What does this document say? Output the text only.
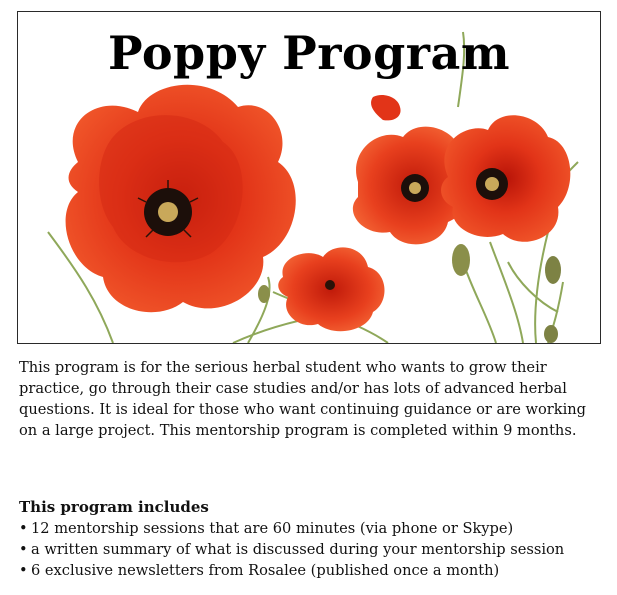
Poppy Program

This program is for the serious herbal student who wants to grow their practice, go through their case studies and/or has lots of advanced herbal questions. It is ideal for those who want continuing guidance or are working on a large project. This mentorship program is completed within 9 months.

This program includes

• 12 mentorship sessions that are 60 minutes (via phone or Skype)
• a written summary of what is discussed during your mentorship session
• 6 exclusive newsletters from Rosalee (published once a month)
